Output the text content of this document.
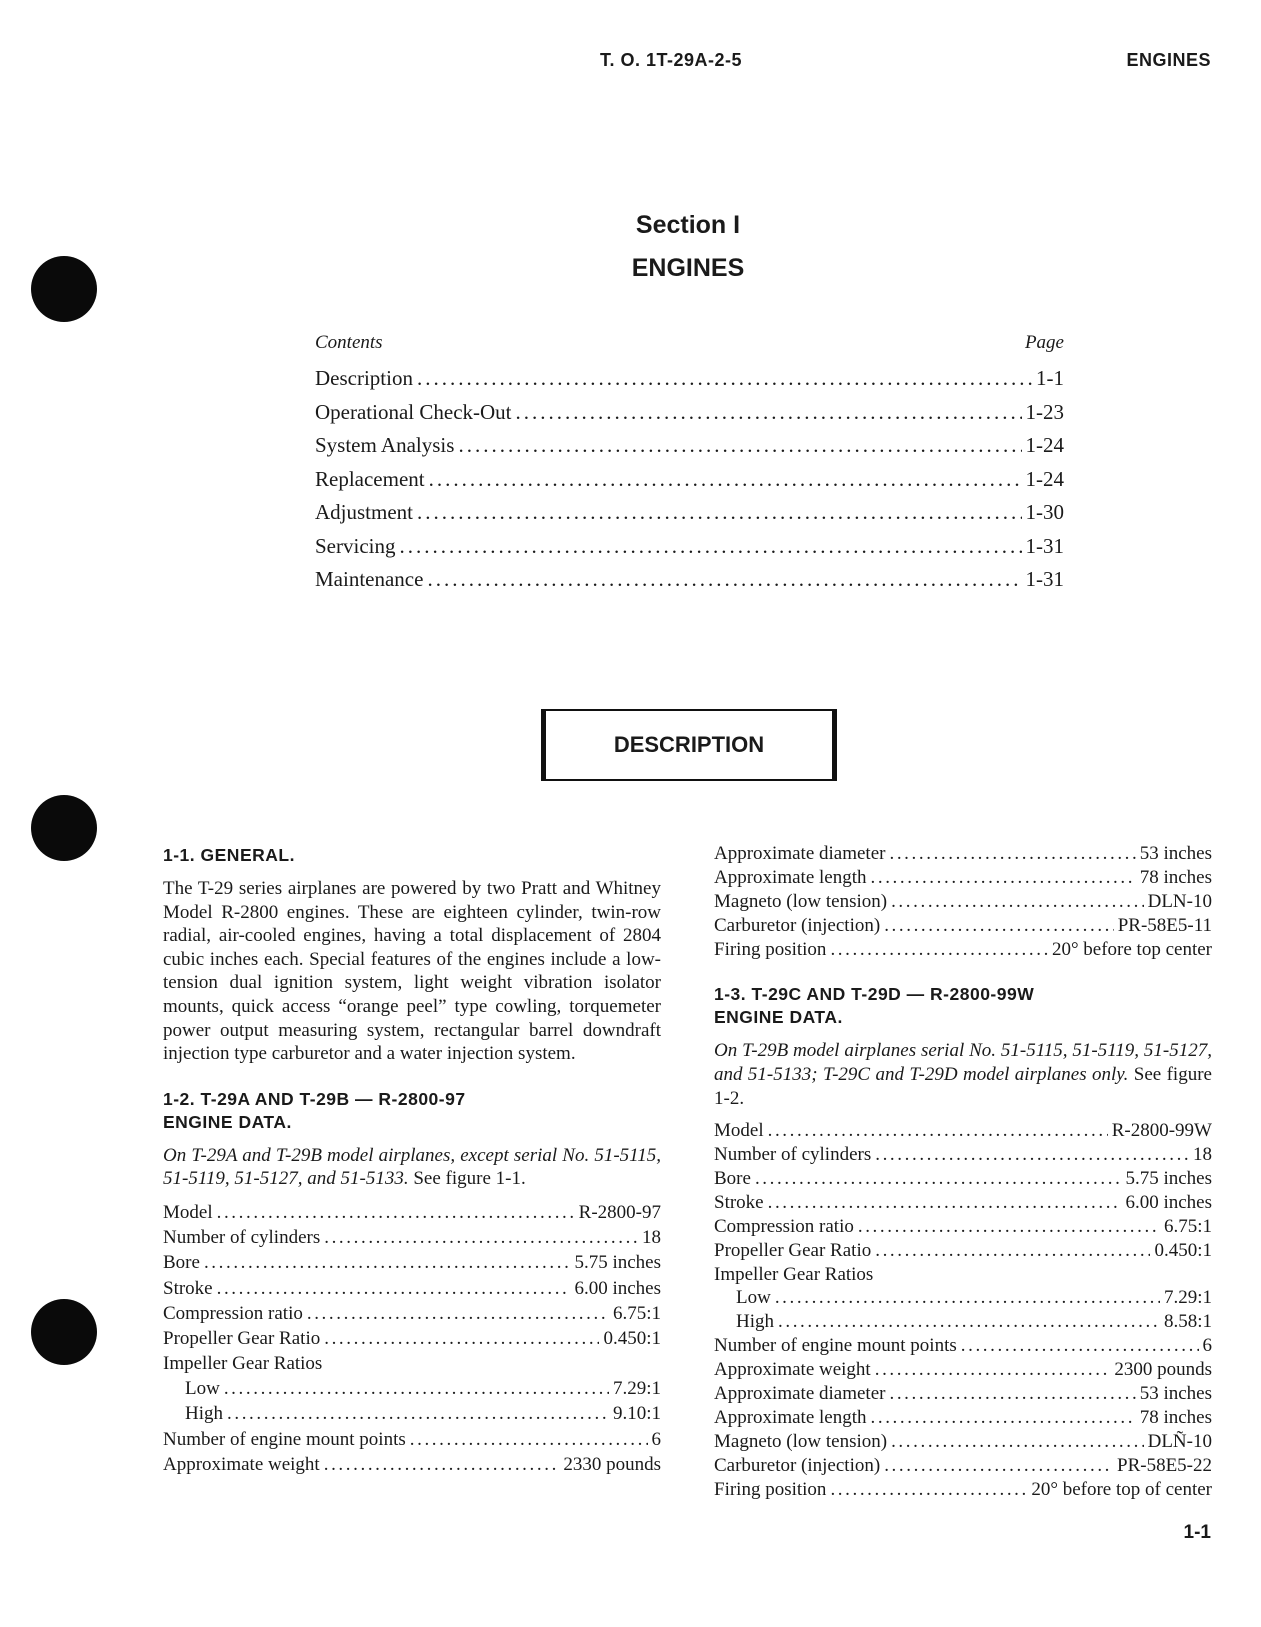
T. O. 1T-29A-2-5	ENGINES
Section I
ENGINES
Contents	Page
Description .....	1-1
Operational Check-Out .....	1-23
System Analysis .....	1-24
Replacement .....	1-24
Adjustment .....	1-30
Servicing .....	1-31
Maintenance .....	1-31
DESCRIPTION
1-1. GENERAL.

The T-29 series airplanes are powered by two Pratt and Whitney Model R-2800 engines. These are eighteen cylinder, twin-row radial, air-cooled engines, having a total displacement of 2804 cubic inches each. Special features of the engines include a low-tension dual ignition system, light weight vibration isolator mounts, quick access “orange peel” type cowling, torquemeter power output measuring system, rectangular barrel downdraft injection type carburetor and a water injection system.

1-2. T-29A AND T-29B — R-2800-97
ENGINE DATA.

On T-29A and T-29B model airplanes, except serial No. 51-5115, 51-5119, 51-5127, and 51-5133. See figure 1-1.

Model .....	R-2800-97
Number of cylinders .....	18
Bore .....	5.75 inches
Stroke .....	6.00 inches
Compression ratio .....	6.75:1
Propeller Gear Ratio .....	0.450:1
Impeller Gear Ratios
Low .....	7.29:1
High .....	9.10:1
Number of engine mount points .....	6
Approximate weight .....	2330 pounds
Approximate diameter .....	53 inches
Approximate length .....	78 inches
Magneto (low tension) .....	DLN-10
Carburetor (injection) .....	PR-58E5-11
Firing position .....	20° before top center
1-3. T-29C AND T-29D — R-2800-99W
ENGINE DATA.

On T-29B model airplanes serial No. 51-5115, 51-5119, 51-5127, and 51-5133; T-29C and T-29D model airplanes only. See figure 1-2.

Model .....	R-2800-99W
Number of cylinders .....	18
Bore .....	5.75 inches
Stroke .....	6.00 inches
Compression ratio .....	6.75:1
Propeller Gear Ratio .....	0.450:1
Impeller Gear Ratios
Low .....	7.29:1
High .....	8.58:1
Number of engine mount points .....	6
Approximate weight .....	2300 pounds
Approximate diameter .....	53 inches
Approximate length .....	78 inches
Magneto (low tension) .....	DLÑ-10
Carburetor (injection) .....	PR-58E5-22
Firing position .....	20° before top of center
1-1
